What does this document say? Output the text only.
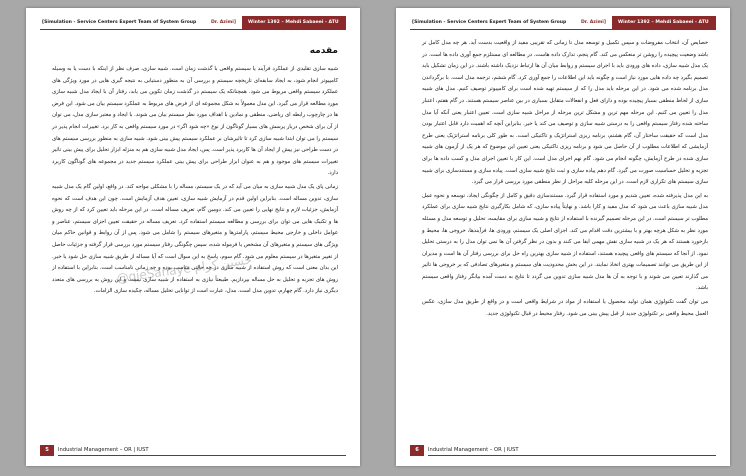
[Simulation - Service Centers Expert Team of System Group	Dr. Azimi]	Winter 1392 – Mehdi Sabaeei - ATU
مقدمه

شبیه سازی تقلیدی از عملکرد فرآیند یا سیستم واقعی با گذشت زمان است. شبیه سازی، صرف نظر از اینکه با دست یا به وسیله کامپیوتر انجام شود، به ایجاد سابقه‌ای تاریخچه سیستم و بررسی آن به منظور دستیابی به نتیجه گیری هایی در مورد ویژگی های عملکرد سیستم واقعی مربوط می شود. همچنانکه یک سیستم در گذشت زمان تکوین می یابد، رفتار آن با ایجاد مدل شبیه سازی مورد مطالعه قرار می گیرد. این مدل معمولاً به شکل مجموعه ای از فرض های مربوط به عملکرد سیستم بیان می شود. این فرض ها در چارچوب رابطه ای ریاضی، منطقی و نمادین با اهداف مورد نظر سیستم بیان می شوند. با ایجاد و معتبر سازی مدل، می توان از آن برای شخص دربار پرسش های بسیار گوناگون از نوع «چه شود اگر» در مورد سیستم واقعی به کار برد. تغییرات انجام پذیر در سیستم را می توان ابتدا شبیه سازی کرد تا تاثیرشان بر عملکرد سیستم پیش بینی شود. شبیه سازی به منظور بررسی سیستم های در دست طراحی نیز پیش از ایجاد آن ها کاربرد پذیر است. پس، ایجاد مدل شبیه سازی هم به منزله ابزار تحلیل برای پیش بینی تاثیر تغییرات سیستم های موجود و هم به عنوان ابزار طراحی برای پیش بینی عملکرد سیستم جدید در مجموعه های گوناگون کاربرد دارد.

زمانی پای یک مدل شبیه سازی به میان می آید که در یک سیستم، مساله را با مشکلی مواجه کند. در واقع، اولین گام یک مدل شبیه سازی، تدوین مساله است. بنابراین اولین قدم در آزمایش شبیه سازی، تعیین هدف آزمایش است. چون این هدف است که نحوه آزمایش، جزئیات لازم و نتایج نهایی را تعیین می کند. دومین گام، تعریف مساله است. در این مرحله باید تعیین کرد که از چه روش ها و تکنیک هایی می توان برای بررسی و مطالعه سیستم استفاده کرد. تعریف مساله در حقیقت تعیین اجزای سیستم، عناصر و عوامل داخلی و خارجی محیط سیستم، پارامترها و متغیرهای سیستم را شامل می شود. پس از آن روابط و قوانین حاکم میان ویژگی های سیستم و متغیرهای آن مشخص یا فرموله شده، سپس چگونگی رفتار سیستم مورد بررسی قرار گرفته و جزئیات حاصل از تغییر متغیرها در سیستم معلوم می شود. گام سوم، پاسخ به این سوال است که آیا مساله از طریق شبیه سازی حل شود یا خیر. این بدان معنی است که روش استفاده از شبیه سازی در چه حالتی مناسب بوده و چه زمانی نامناسب است. بنابراین با استفاده از روش های تجربه و تحلیل به حل مساله بپردازیم. طبیعتاً نیازی به استفاده از شبیه سازی نیست و این روش به بررسی های متعدد دیگری نیاز دارد. گام چهارم، تدوین مدل است. مدل، عبارت است از توانایی تحلیل مساله، چکیده سازی الزامات.

@qieSanaye حسین کرام
5	Industrial Management – OR | IUST
[Simulation - Service Centers Expert Team of System Group	Dr. Azimi]	Winter 1392 – Mehdi Sabaeei - ATU

خصایص آن، انتخاب مفروضات و سپس تکمیل و توسعه مدل تا زمانی که تقریبی مفید از واقعیت بدست آید. هر چه مدل کامل تر باشد وضعیت پیچیده را روشن تر منعکس می کند. گام پنجم، تدارک داده هاست. در مطالعه ای مستلزم جمع آوری داده ها است. در یک مدل شبیه سازی، داده های ورودی باید با اجرای سیستم و روابط میان آن ها ارتباط نزدیک داشته باشند. در این زمان تشکیل باید تصمیم بگیرد چه داده هایی مورد نیاز است و چگونه باید این اطلاعات را جمع آوری کرد. گام ششم، ترجمه مدل است. با برگرداندن مدل برنامه شده می شود. در این مرحله باید مدل را که از سیستم تهیه شده است برای کامپیوتر توصیف کنیم. مدل های شبیه سازی از لحاظ منطقی بسیار پیچیده بوده و دارای فعل و انفعالات متقابل بسیاری در بین عناصر سیستم هستند. در گام هفتم، اعتبار مدل را تعیین می کنیم. این مرحله مهم ترین و مشکل ترین مرحله از مراحل شبیه سازی است. تعیین اعتبار یعنی آنکه آیا مدل ساخته شده رفتار سیستم واقعی را به درستی شبیه سازی و توصیف می کند یا خیر. بنابراین آنچه که اهمیت دارد قابل اعتبار بودن مدل است که حقیقت ساختار آن، گام هشتم، برنامه ریزی استراتژیک و تاکتیکی است. به طور کلی برنامه استراتژیک یعنی طرح آزمایشی که اطلاعات مطلوب از آن حاصل می شود و برنامه ریزی تاکتیکی یعنی تعیین این موضوع که هر یک از آزمون های شبیه سازی شده در طرح آزمایش، چگونه انجام می شود. گام نهم اجرای مدل است. این کار با تعیین اجرای مدل و کسب داده ها برای تجزیه و تحلیل حساسیت صورت می گیرد. گام دهم پیاده سازی و ثبت نتایج شبیه سازی است. پیاده سازی و مستندسازی برای شبیه سازی سیستم های تکراری لازم است. در این مرحله کلیه مراحل از نظر منطقی مورد بررسی قرار می گیرد.

به این مدل پذیرفته شده، تعیین شدیم و مورد استفاده قرار گیرد. مستندسازی دقیق و کامل از چگونگی ایجاد، توسعه و نحوه عمل مدل شبیه سازی باعث می شود که مدل مفید و کارا باشد. و نهایتاً پیاده سازی، که شامل بکارگیری نتایج شبیه سازی برای عملکرد مطلوب تر سیستم است. در این مرحله تصمیم گیرنده با استفاده از نتایج و شبیه سازی برای مقایسه، تحلیل و توسعه مدل و مسئله مورد نظر به شکل هرچه بهتر و با بیشترین دقت اقدام می کند. اجزای اصلی یک سیستم، ورودی ها، فرآیندها، خروجی ها، محیط و بازخورد هستند که هر یک در شبیه سازی نقش مهمی ایفا می کنند و بدون در نظر گرفتن آن ها نمی توان مدل را به درستی تحلیل نمود. از آنجا که سیستم های واقعی پیچیده هستند، استفاده از شبیه سازی بهترین راه حل برای بررسی رفتار آن ها است و مدیران از این طریق می توانند تصمیمات بهتری اتخاذ نمایند. در این بخش محدودیت های سیستم و متغیرهای تصادفی که بر خروجی ها تاثیر می گذارند تعیین می شوند و با توجه به آن ها مدل شبیه سازی تدوین می گردد تا نتایج به دست آمده بیانگر رفتار واقعی سیستم باشد.

می توان گفت تکنولوژی همان تولید محصول یا استفاده از مواد در شرایط واقعی است و در واقع از طریق مدل سازی، عکس العمل محیط واقعی بر تکنولوژی جدید از قبل پیش بینی می شود. رفتار محیط در قبال تکنولوژی جدید.

6	Industrial Management – OR | IUST
